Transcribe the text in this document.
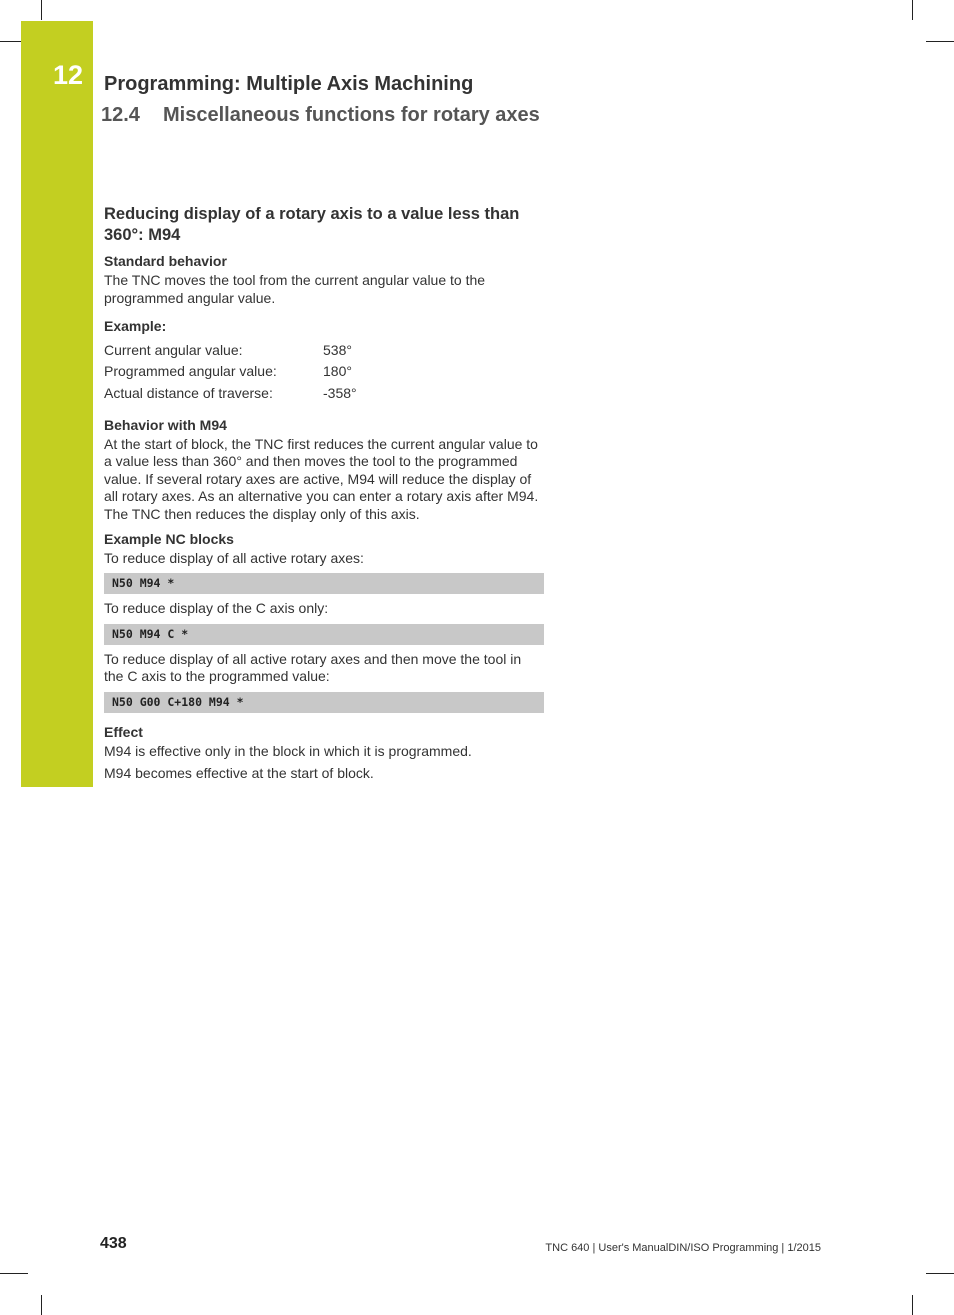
12 Programming: Multiple Axis Machining
12.4 Miscellaneous functions for rotary axes
Reducing display of a rotary axis to a value less than 360°: M94
Standard behavior

The TNC moves the tool from the current angular value to the programmed angular value.

Example:
Current angular value:	538°
Programmed angular value:	180°
Actual distance of traverse:	-358°
Behavior with M94

At the start of block, the TNC first reduces the current angular value to a value less than 360° and then moves the tool to the programmed value. If several rotary axes are active, M94 will reduce the display of all rotary axes. As an alternative you can enter a rotary axis after M94. The TNC then reduces the display only of this axis.

Example NC blocks

To reduce display of all active rotary axes:

N50 M94 *

To reduce display of the C axis only:

N50 M94 C *

To reduce display of all active rotary axes and then move the tool in the C axis to the programmed value:

N50 G00 C+180 M94 *
Effect

M94 is effective only in the block in which it is programmed.

M94 becomes effective at the start of block.

438	TNC 640 | User's ManualDIN/ISO Programming | 1/2015
